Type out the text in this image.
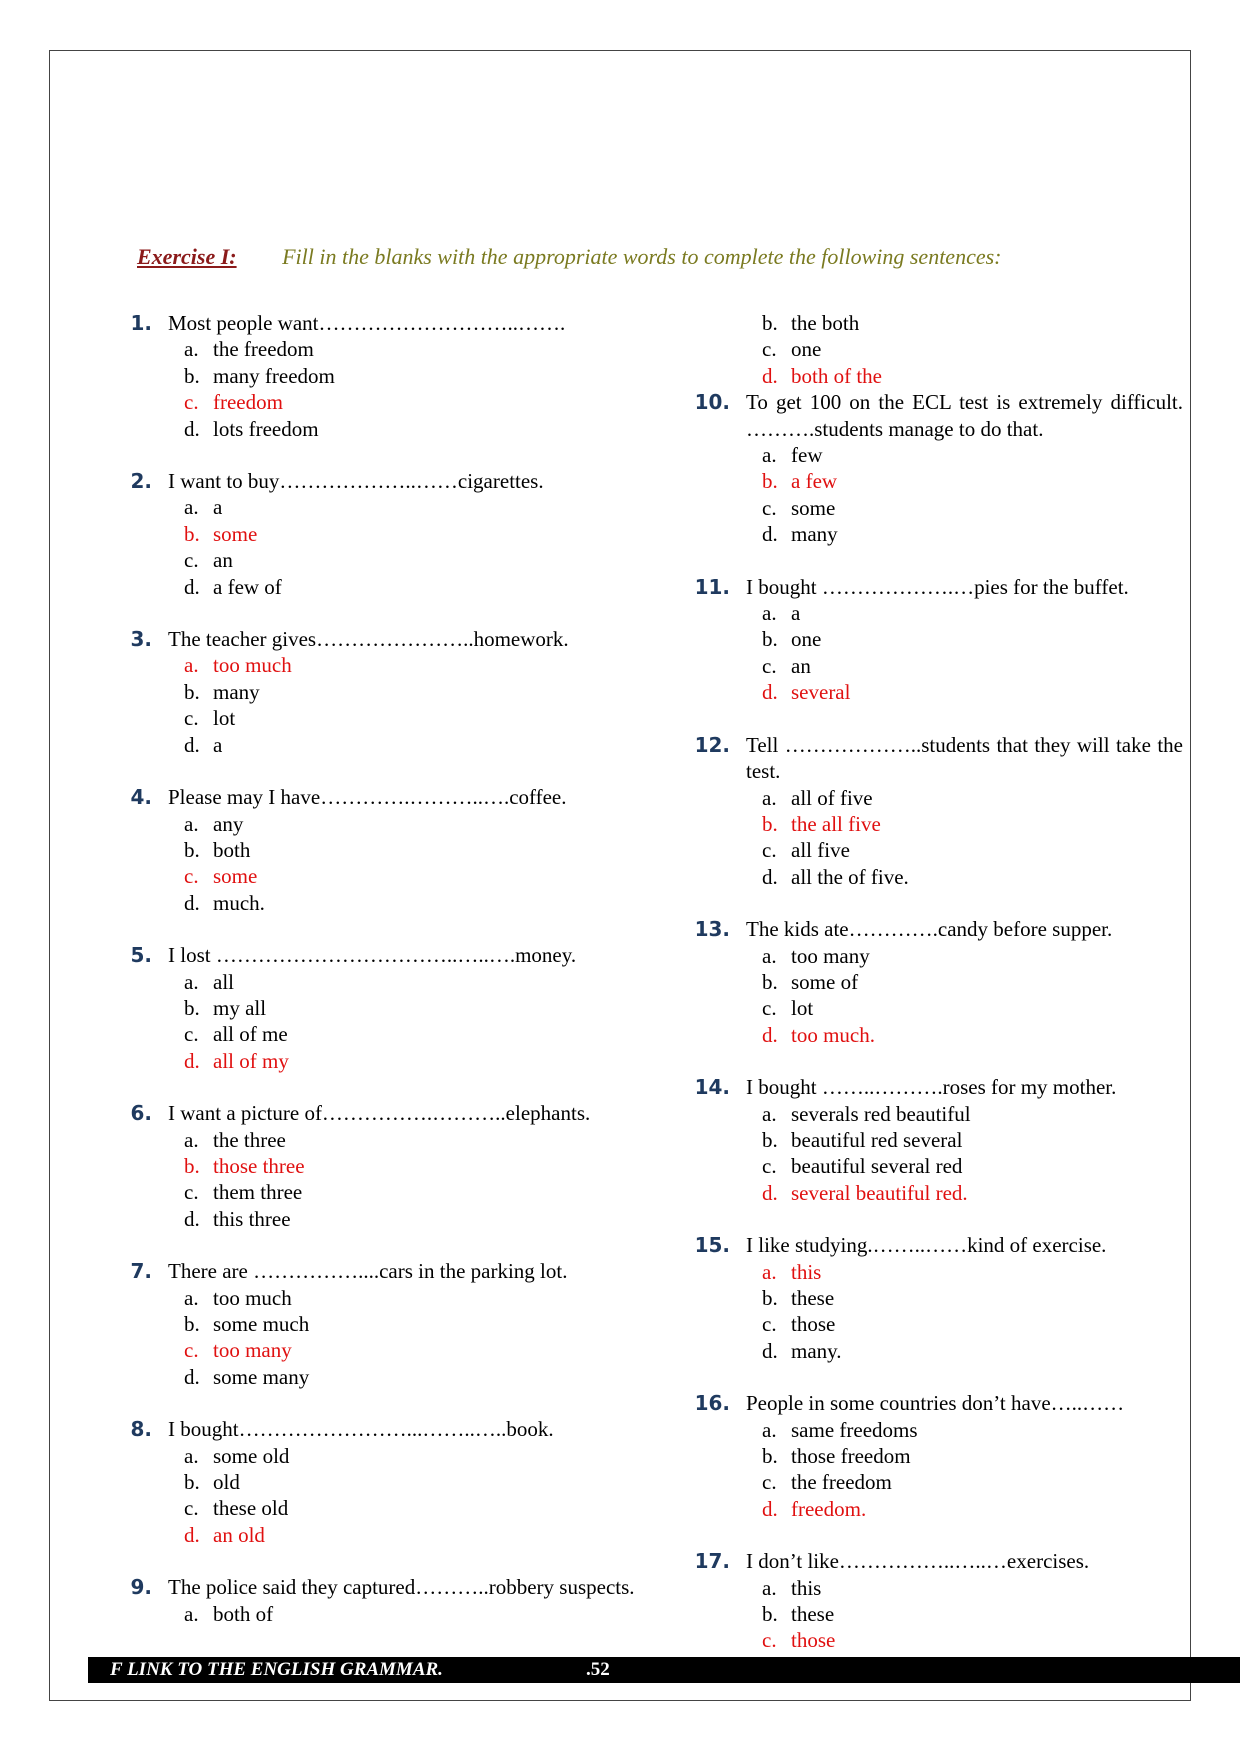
Exercise I: Fill in the blanks with the appropriate words to complete the following sentences:
1. Most people want………………………..…….
a. the freedom
b. many freedom
c. freedom
d. lots freedom
2. I want to buy………………..……cigarettes.
a. a
b. some
c. an
d. a few of
3. The teacher gives…………………..homework.
a. too much
b. many
c. lot
d. a
4. Please may I have………….………..….coffee.
a. any
b. both
c. some
d. much.
5. I lost ……………………………..…..….money.
a. all
b. my all
c. all of me
d. all of my
6. I want a picture of…………….………..elephants.
a. the three
b. those three
c. them three
d. this three
7. There are ……………....cars in the parking lot.
a. too much
b. some much
c. too many
d. some many
8. I bought……………………...……..…..book.
a. some old
b. old
c. these old
d. an old
9. The police said they captured………..robbery suspects.
a. both of
b. the both
c. one
d. both of the
10. To get 100 on the ECL test is extremely difficult. ……….students manage to do that.
a. few
b. a few
c. some
d. many
11. I bought ……………….…pies for the buffet.
a. a
b. one
c. an
d. several
12. Tell ………………..students that they will take the test.
a. all of five
b. the all five
c. all five
d. all the of five.
13. The kids ate………….candy before supper.
a. too many
b. some of
c. lot
d. too much.
14. I bought ……..……….roses for my mother.
a. severals red beautiful
b. beautiful red several
c. beautiful several red
d. several beautiful red.
15. I like studying.……..……kind of exercise.
a. this
b. these
c. those
d. many.
16. People in some countries don’t have…..……
a. same freedoms
b. those freedom
c. the freedom
d. freedom.
17. I don’t like……………..…..…exercises.
a. this
b. these
c. those
F LINK TO THE ENGLISH GRAMMAR.	.52
